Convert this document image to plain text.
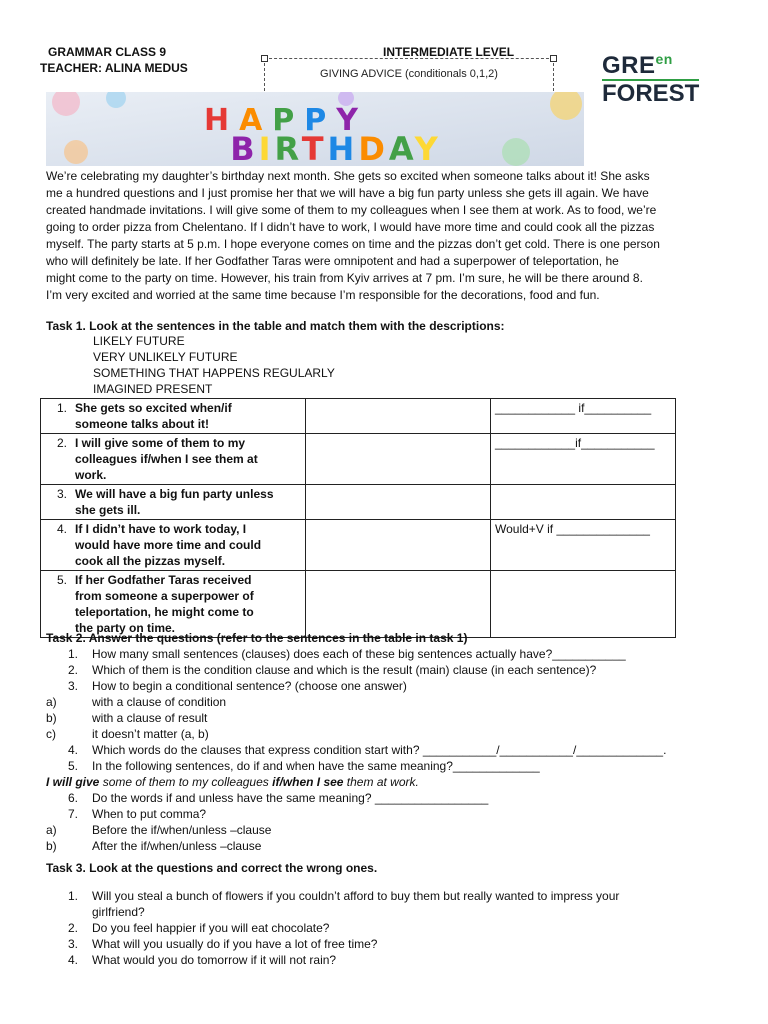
GRAMMAR CLASS 9
TEACHER: ALINA MEDUS
INTERMEDIATE LEVEL
GIVING ADVICE (conditionals 0,1,2)	$GRE^{en}$
FOREST
HAPPY
BIRTHDAY
We’re celebrating my daughter’s birthday next month. She gets so excited when someone talks about it! She asks
me a hundred questions and I just promise her that we will have a big fun party unless she gets ill again. We have
created handmade invitations. I will give some of them to my colleagues when I see them at work. As to food, we’re
going to order pizza from Chelentano. If I didn’t have to work, I would have more time and could cook all the pizzas
myself. The party starts at 5 p.m. I hope everyone comes on time and the pizzas don’t get cold. There is one person
who will definitely be late. If her Godfather Taras were omnipotent and had a superpower of teleportation, he
might come to the party on time. However, his train from Kyiv arrives at 7 pm. I’m sure, he will be there around 8.
I’m very excited and worried at the same time because I’m responsible for the decorations, food and fun.
Task 1. Look at the sentences in the table and match them with the descriptions:
LIKELY FUTURE
VERY UNLIKELY FUTURE
SOMETHING THAT HAPPENS REGULARLY
IMAGINED PRESENT
1. She gets so excited when/if
someone talks about it!		____________ if__________
2. I will give some of them to my
colleagues if/when I see them at
work.		____________if___________
3. We will have a big fun party unless
she gets ill.		
4. If I didn’t have to work today, I
would have more time and could
cook all the pizzas myself.		Would+V if ______________
5. If her Godfather Taras received
from someone a superpower of
teleportation, he might come to
the party on time.		
Task 2. Answer the questions (refer to the sentences in the table in task 1)
1. How many small sentences (clauses) does each of these big sentences actually have?___________
2. Which of them is the condition clause and which is the result (main) clause (in each sentence)?
3. How to begin a conditional sentence? (choose one answer)
a)	with a clause of condition
b)	with a clause of result
c)	it doesn’t matter (a, b)
4. Which words do the clauses that express condition start with? ___________/___________/_____________.
5. In the following sentences, do if and when have the same meaning?_____________
I will give some of them to my colleagues if/when I see them at work.
6. Do the words if and unless have the same meaning? _________________
7. When to put comma?
a)	Before the if/when/unless –clause
b)	After the if/when/unless –clause
Task 3. Look at the questions and correct the wrong ones.
1. Will you steal a bunch of flowers if you couldn’t afford to buy them but really wanted to impress your
girlfriend?
2. Do you feel happier if you will eat chocolate?
3. What will you usually do if you have a lot of free time?
4. What would you do tomorrow if it will not rain?
